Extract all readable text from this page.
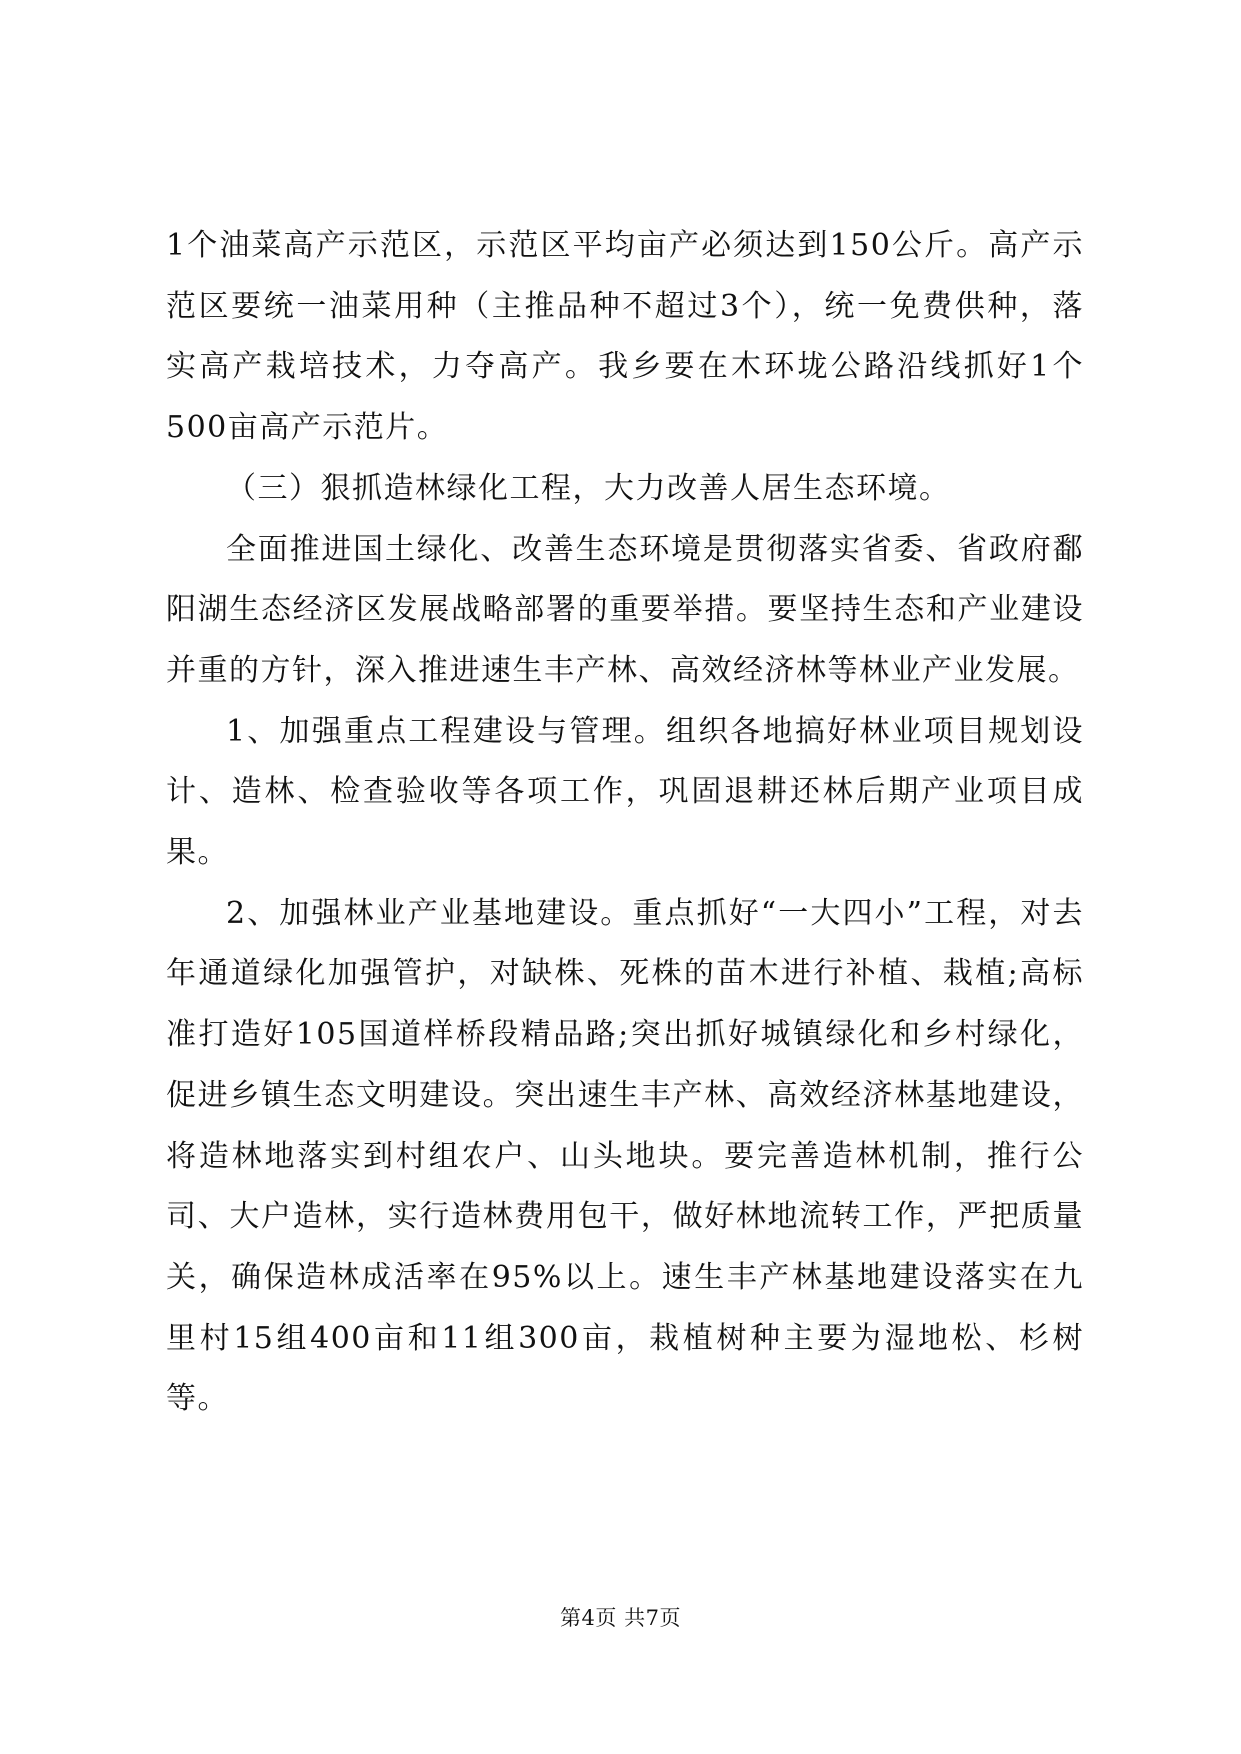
1个油菜高产示范区，示范区平均亩产必须达到150公斤。高产示范区要统一油菜用种（主推品种不超过3个），统一免费供种，落实高产栽培技术，力夺高产。我乡要在木环垅公路沿线抓好1个500亩高产示范片。

（三）狠抓造林绿化工程，大力改善人居生态环境。

全面推进国土绿化、改善生态环境是贯彻落实省委、省政府鄱阳湖生态经济区发展战略部署的重要举措。要坚持生态和产业建设并重的方针，深入推进速生丰产林、高效经济林等林业产业发展。

1、加强重点工程建设与管理。组织各地搞好林业项目规划设计、造林、检查验收等各项工作，巩固退耕还林后期产业项目成果。

2、加强林业产业基地建设。重点抓好“一大四小”工程，对去年通道绿化加强管护，对缺株、死株的苗木进行补植、栽植;高标准打造好105国道样桥段精品路;突出抓好城镇绿化和乡村绿化，促进乡镇生态文明建设。突出速生丰产林、高效经济林基地建设，将造林地落实到村组农户、山头地块。要完善造林机制，推行公司、大户造林，实行造林费用包干，做好林地流转工作，严把质量关，确保造林成活率在95%以上。速生丰产林基地建设落实在九里村15组400亩和11组300亩，栽植树种主要为湿地松、杉树等。

第4页 共7页
